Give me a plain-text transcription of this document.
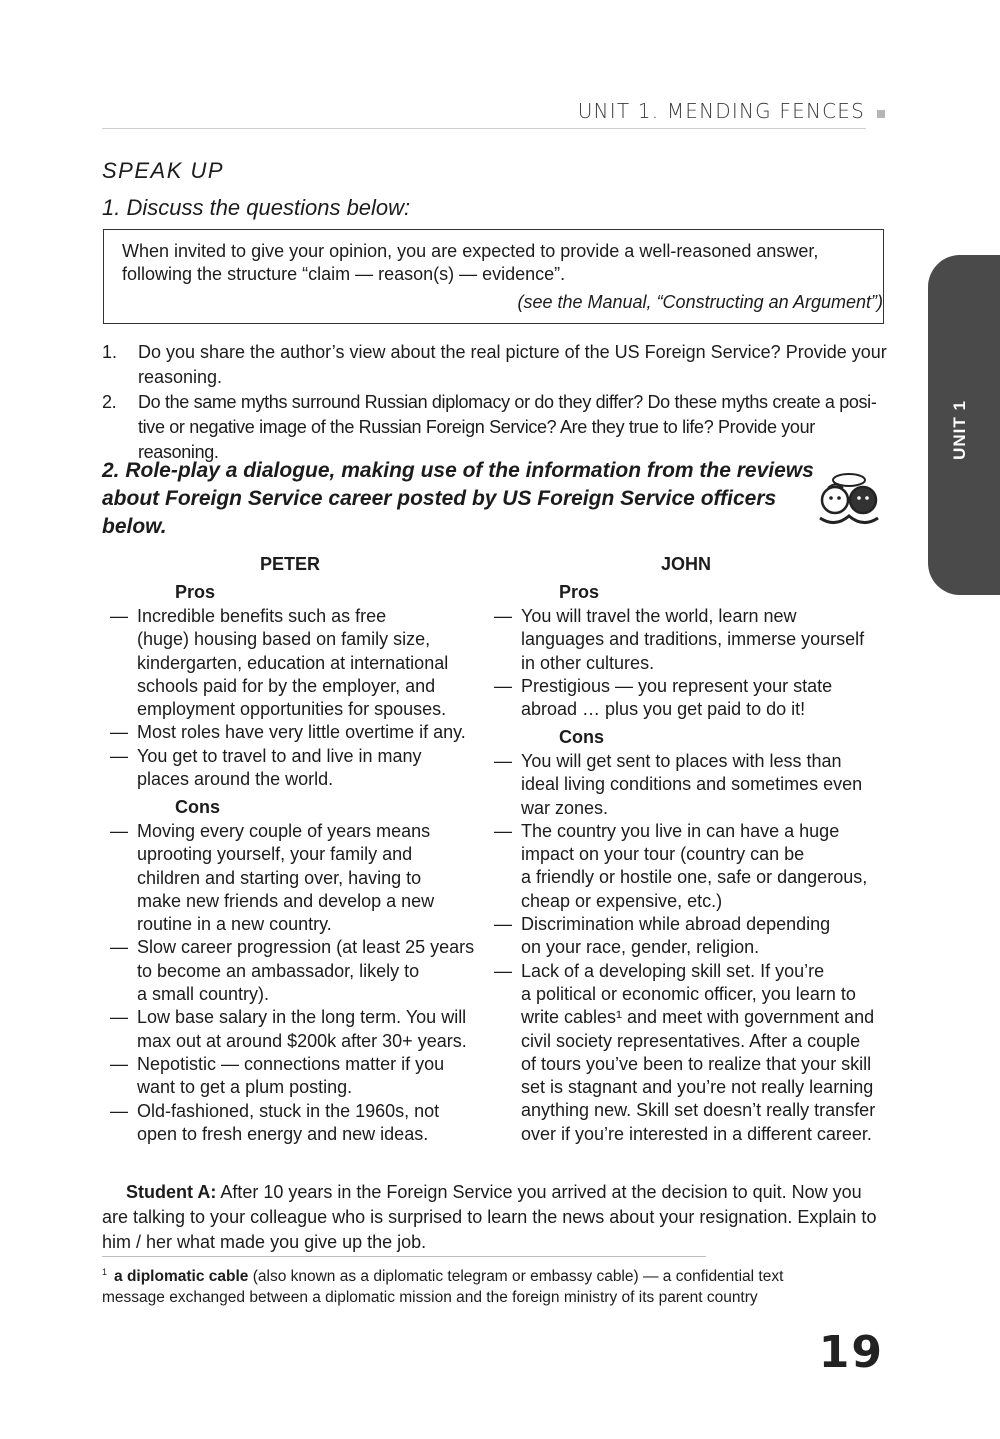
UNIT 1. MENDING FENCES
UNIT 1
SPEAK UP
1. Discuss the questions below:
When invited to give your opinion, you are expected to provide a well-reasoned answer,
following the structure “claim — reason(s) — evidence”.
(see the Manual, “Constructing an Argument”)
1. Do you share the author’s view about the real picture of the US Foreign Service? Provide your
reasoning.
2. Do the same myths surround Russian diplomacy or do they differ? Do these myths create a posi-
tive or negative image of the Russian Foreign Service? Are they true to life? Provide your reasoning.
2. Role-play a dialogue, making use of the information from the reviews
about Foreign Service career posted by US Foreign Service officers below.
PETER
Pros
— Incredible benefits such as free
(huge) housing based on family size,
kindergarten, education at international
schools paid for by the employer, and
employment opportunities for spouses.
— Most roles have very little overtime if any.
— You get to travel to and live in many
places around the world.
Cons
— Moving every couple of years means
uprooting yourself, your family and
children and starting over, having to
make new friends and develop a new
routine in a new country.
— Slow career progression (at least 25 years
to become an ambassador, likely to
a small country).
— Low base salary in the long term. You will
max out at around $200k after 30+ years.
— Nepotistic — connections matter if you
want to get a plum posting.
— Old-fashioned, stuck in the 1960s, not
open to fresh energy and new ideas.
JOHN
Pros
— You will travel the world, learn new
languages and traditions, immerse yourself
in other cultures.
— Prestigious — you represent your state
abroad … plus you get paid to do it!
Cons
— You will get sent to places with less than
ideal living conditions and sometimes even
war zones.
— The country you live in can have a huge
impact on your tour (country can be
a friendly or hostile one, safe or dangerous,
cheap or expensive, etc.)
— Discrimination while abroad depending
on your race, gender, religion.
— Lack of a developing skill set. If you’re
a political or economic officer, you learn to
write cables¹ and meet with government and
civil society representatives. After a couple
of tours you’ve been to realize that your skill
set is stagnant and you’re not really learning
anything new. Skill set doesn’t really transfer
over if you’re interested in a different career.
Student A: After 10 years in the Foreign Service you arrived at the decision to quit. Now you
are talking to your colleague who is surprised to learn the news about your resignation. Explain to
him / her what made you give up the job.
$^1$ a diplomatic cable (also known as a diplomatic telegram or embassy cable) — a confidential text
message exchanged between a diplomatic mission and the foreign ministry of its parent country
19
